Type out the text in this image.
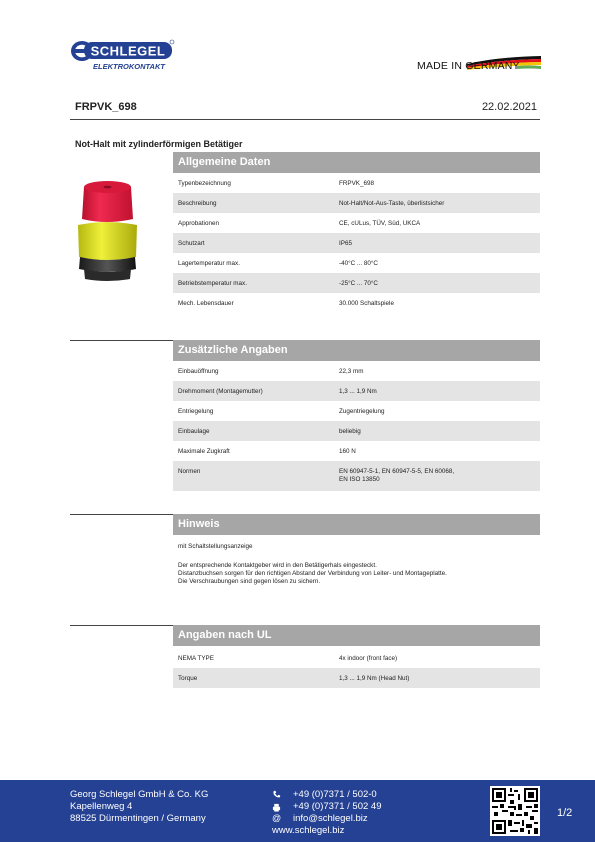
SCHLEGEL
ELEKTROKONTAKT	MADE IN GERMANY
FRPVK_698	22.02.2021
Not-Halt mit zylinderförmigen Betätiger
Allgemeine Daten
Typenbezeichnung	FRPVK_698
Beschreibung	Not-Halt/Not-Aus-Taste, überlistsicher
Approbationen	CE, cULus, TÜV, Süd, UKCA
Schutzart	IP65
Lagertemperatur max.	-40°C ... 80°C
Betriebstemperatur max.	-25°C ... 70°C
Mech. Lebensdauer	30.000 Schaltspiele
Zusätzliche Angaben
Einbauöffnung	22,3 mm
Drehmoment (Montagemutter)	1,3 ... 1,9 Nm
Entriegelung	Zugentriegelung
Einbaulage	beliebig
Maximale Zugkraft	160 N
Normen	EN 60947-5-1, EN 60947-5-5, EN 60068,
EN ISO 13850
Hinweis
mit Schaltstellungsanzeige
Der entsprechende Kontaktgeber wird in den Betätigerhals eingesteckt.
Distanzbuchsen sorgen für den richtigen Abstand der Verbindung von Leiter- und Montageplatte.
Die Verschraubungen sind gegen lösen zu sichern.
Angaben nach UL
NEMA TYPE	4x indoor (front face)
Torque	1,3 ... 1,9 Nm (Head Nut)
Georg Schlegel GmbH & Co. KG
Kapellenweg 4
88525 Dürmentingen / Germany	@
+49 (0)7371 / 502-0
+49 (0)7371 / 502 49
info@schlegel.biz
www.schlegel.biz
1/2
